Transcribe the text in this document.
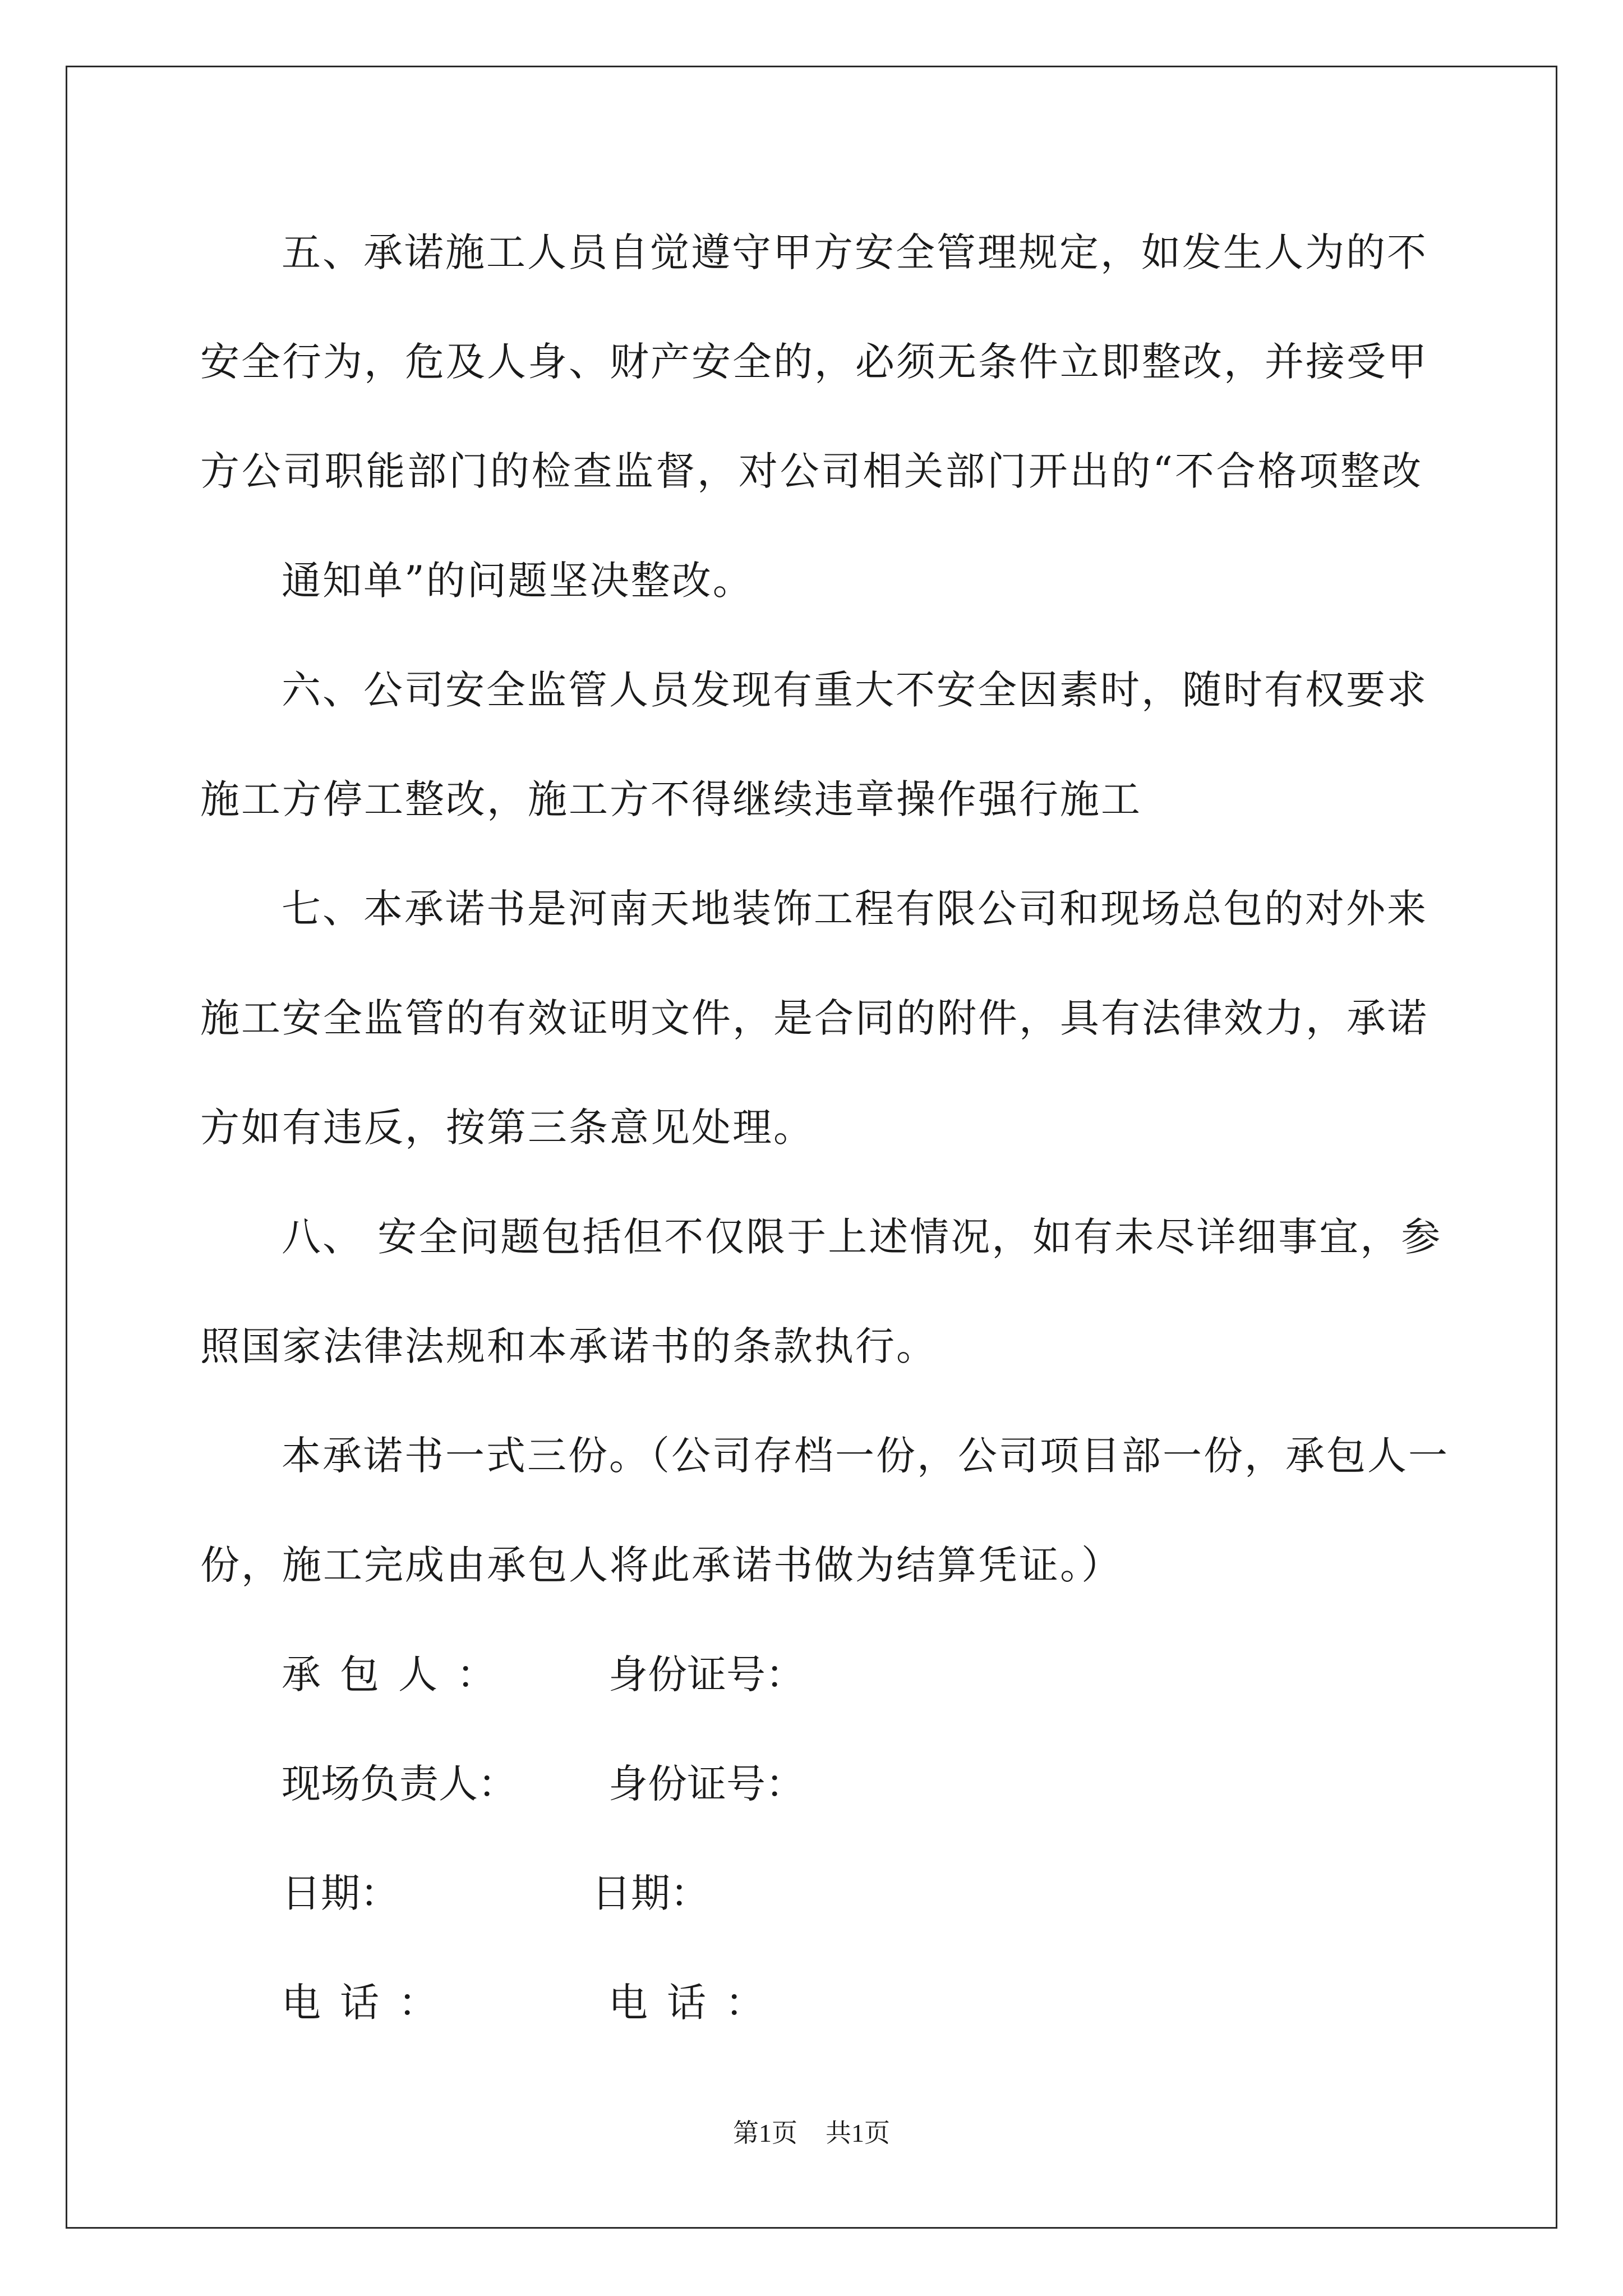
五、承诺施工人员自觉遵守甲方安全管理规定，如发生人为的不
安全行为，危及人身、财产安全的，必须无条件立即整改，并接受甲
方公司职能部门的检查监督，对公司相关部门开出的“不合格项整改
通知单”的问题坚决整改。
六、公司安全监管人员发现有重大不安全因素时，随时有权要求
施工方停工整改，施工方不得继续违章操作强行施工
七、本承诺书是河南天地装饰工程有限公司和现场总包的对外来
施工安全监管的有效证明文件，是合同的附件，具有法律效力，承诺
方如有违反，按第三条意见处理。
八、 安全问题包括但不仅限于上述情况，如有未尽详细事宜，参
照国家法律法规和本承诺书的条款执行。
本承诺书一式三份。（公司存档一份，公司项目部一份，承包人一
份，施工完成由承包人将此承诺书做为结算凭证。）
承包人： 身份证号：
现场负责人： 身份证号：
日期：	日期：
电话：	电话：
第1页 共1页
